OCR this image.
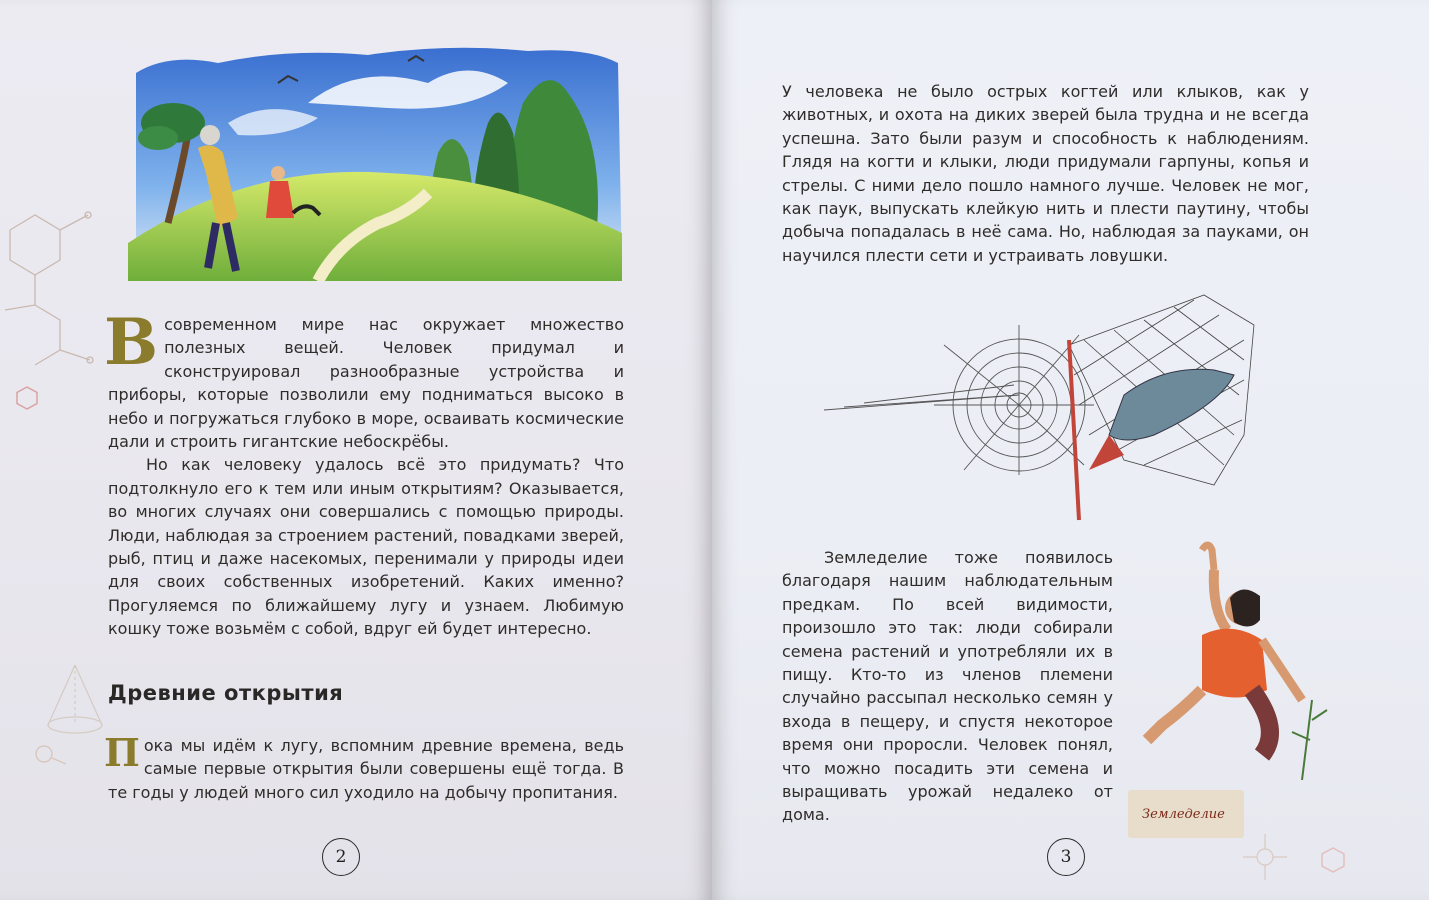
В современном мире нас окружает множество полезных вещей. Человек придумал и сконструировал разнообразные устройства и приборы, которые позволили ему подниматься высоко в небо и погружаться глубоко в море, осваивать космические дали и строить гигантские небоскрёбы.

Но как человеку удалось всё это придумать? Что подтолкнуло его к тем или иным открытиям? Оказывается, во многих случаях они совершались с помощью природы. Люди, наблюдая за строением растений, повадками зверей, рыб, птиц и даже насекомых, перенимали у природы идеи для своих собственных изобретений. Каких именно? Прогуляемся по ближайшему лугу и узнаем. Любимую кошку тоже возьмём с собой, вдруг ей будет интересно.

Древние открытия

Пока мы идём к лугу, вспомним древние времена, ведь самые первые открытия были совершены ещё тогда. В те годы у людей много сил уходило на добычу пропитания.

2
У человека не было острых когтей или клыков, как у животных, и охота на диких зверей была трудна и не всегда успешна. Зато были разум и способность к наблюдениям. Глядя на когти и клыки, люди придумали гарпуны, копья и стрелы. С ними дело пошло намного лучше. Человек не мог, как паук, выпускать клейкую нить и плести паутину, чтобы добыча попадалась в неё сама. Но, наблюдая за пауками, он научился плести сети и устраивать ловушки.
Земледелие тоже появилось благодаря нашим наблюдательным предкам. По всей видимости, произошло это так: люди собирали семена растений и употребляли их в пищу. Кто-то из членов племени случайно рассыпал несколько семян у входа в пещеру, и спустя некоторое время они проросли. Человек понял, что можно посадить эти семена и выращивать урожай недалеко от дома.	Земледелие
3
